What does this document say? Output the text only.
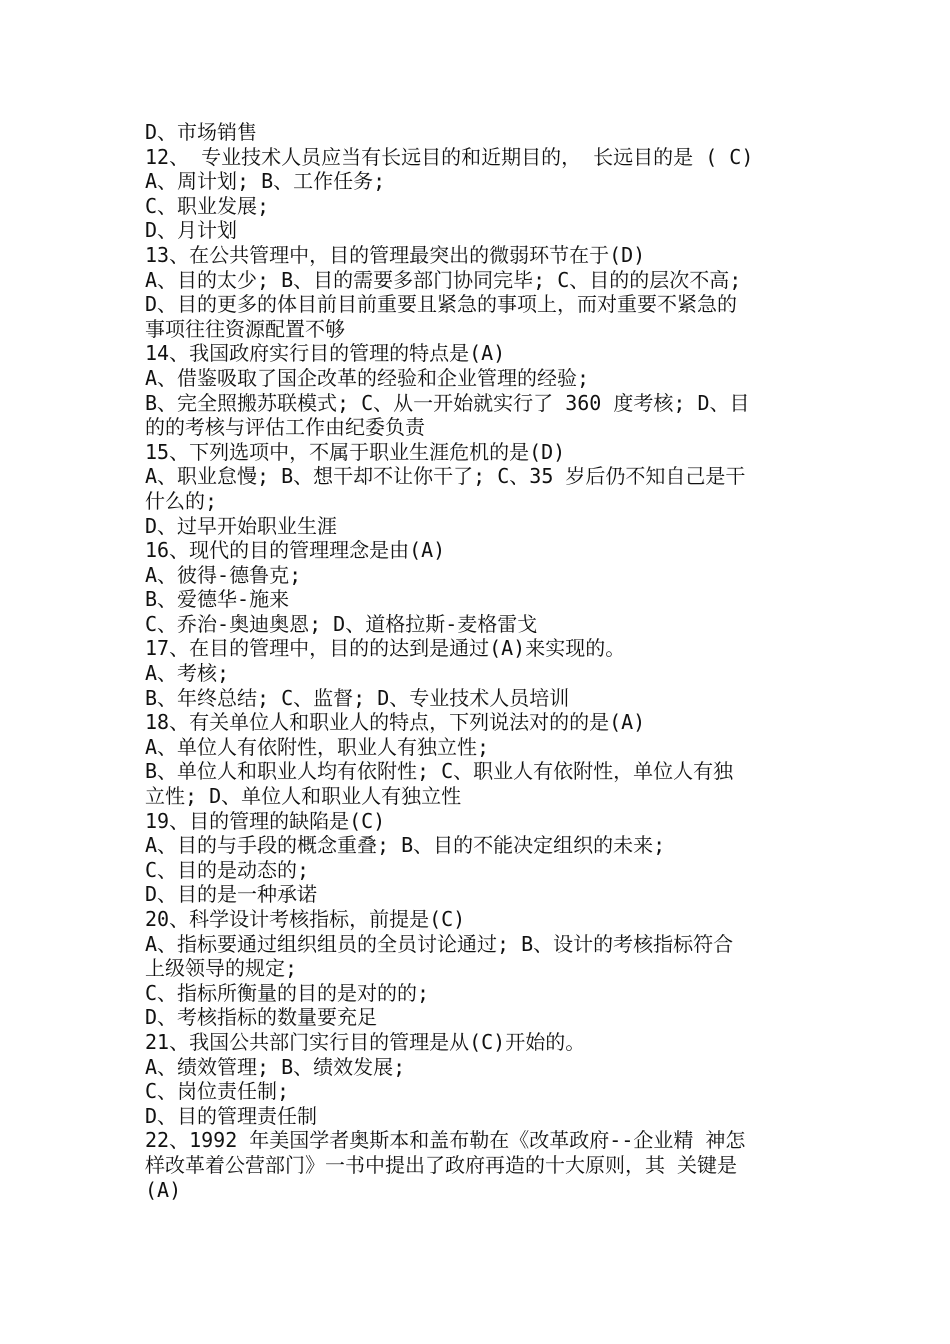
D、市场销售
12、 专业技术人员应当有长远目的和近期目的， 长远目的是 ( C)
A、周计划; B、工作任务;
C、职业发展;
D、月计划
13、在公共管理中，目的管理最突出的微弱环节在于(D)
A、目的太少; B、目的需要多部门协同完毕; C、目的的层次不高;
D、目的更多的体目前目前重要且紧急的事项上，而对重要不紧急的
事项往往资源配置不够
14、我国政府实行目的管理的特点是(A)
A、借鉴吸取了国企改革的经验和企业管理的经验;
B、完全照搬苏联模式; C、从一开始就实行了 360 度考核; D、目
的的考核与评估工作由纪委负责
15、下列选项中，不属于职业生涯危机的是(D)
A、职业怠慢; B、想干却不让你干了; C、35 岁后仍不知自己是干
什么的;
D、过早开始职业生涯
16、现代的目的管理理念是由(A)
A、彼得-德鲁克;
B、爱德华-施来
C、乔治-奥迪奥恩; D、道格拉斯-麦格雷戈
17、在目的管理中，目的的达到是通过(A)来实现的。
A、考核;
B、年终总结; C、监督; D、专业技术人员培训
18、有关单位人和职业人的特点，下列说法对的的是(A)
A、单位人有依附性，职业人有独立性;
B、单位人和职业人均有依附性; C、职业人有依附性，单位人有独
立性; D、单位人和职业人有独立性
19、目的管理的缺陷是(C)
A、目的与手段的概念重叠; B、目的不能决定组织的未来;
C、目的是动态的;
D、目的是一种承诺
20、科学设计考核指标，前提是(C)
A、指标要通过组织组员的全员讨论通过; B、设计的考核指标符合
上级领导的规定;
C、指标所衡量的目的是对的的;
D、考核指标的数量要充足
21、我国公共部门实行目的管理是从(C)开始的。
A、绩效管理; B、绩效发展;
C、岗位责任制;
D、目的管理责任制
22、1992 年美国学者奥斯本和盖布勒在《改革政府--企业精 神怎
样改革着公营部门》一书中提出了政府再造的十大原则，其 关键是
(A)
